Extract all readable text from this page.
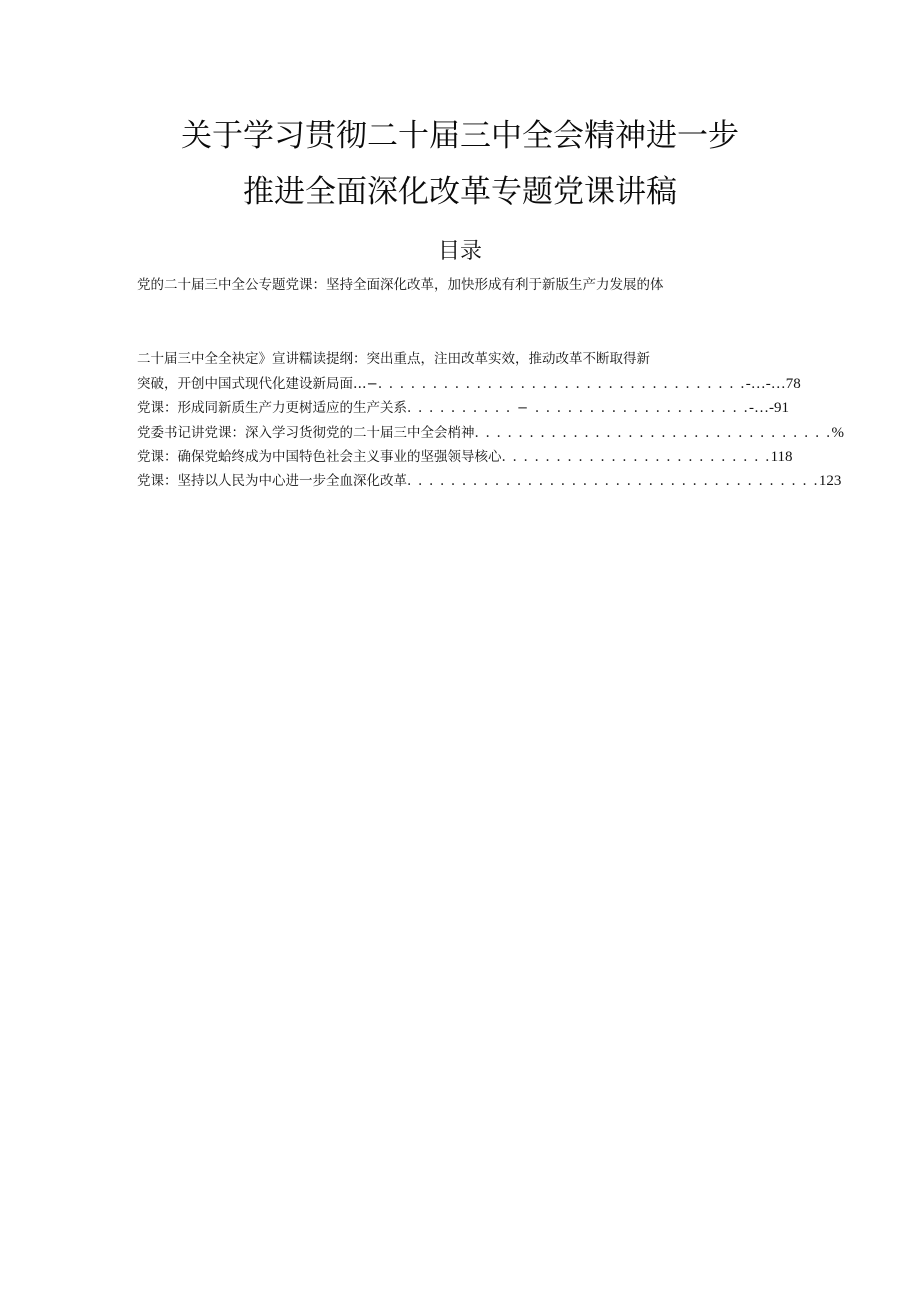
关于学习贯彻二十届三中全会精神进一步
推进全面深化改革专题党课讲稿
目录
党的二十届三中全公专题党课：坚持全面深化改革，加快形成有利于新版生产力发展的体
二十届三中全全袂定》宣讲糯读提纲：突出重点，注田改革实效，推动改革不断取得新
突破，开创中国式现代化建设新局面…− . . . . . . . . . . . . . . . . . . . . . . . . . . . . . . . . . . -…-…78
党课：形成同新质生产力更树适应的生产关系 . . . . . . . . . . − . . . . . . . . . . . . . . . . . . . . -…-91
党委书记讲党课：深入学习货彻党的二十届三中全会梢神 . . . . . . . . . . . . . . . . . . . . . . . . . . . . . . . . . %
党课：确保党蛤终成为中国特色社会主义事业的坚强领导核心 . . . . . . . . . . . . . . . . . . . . . . . . . 118
党课：坚持以人民为中心进一步全血深化改革 . . . . . . . . . . . . . . . . . . . . . . . . . . . . . . . . . . . . . . 123
